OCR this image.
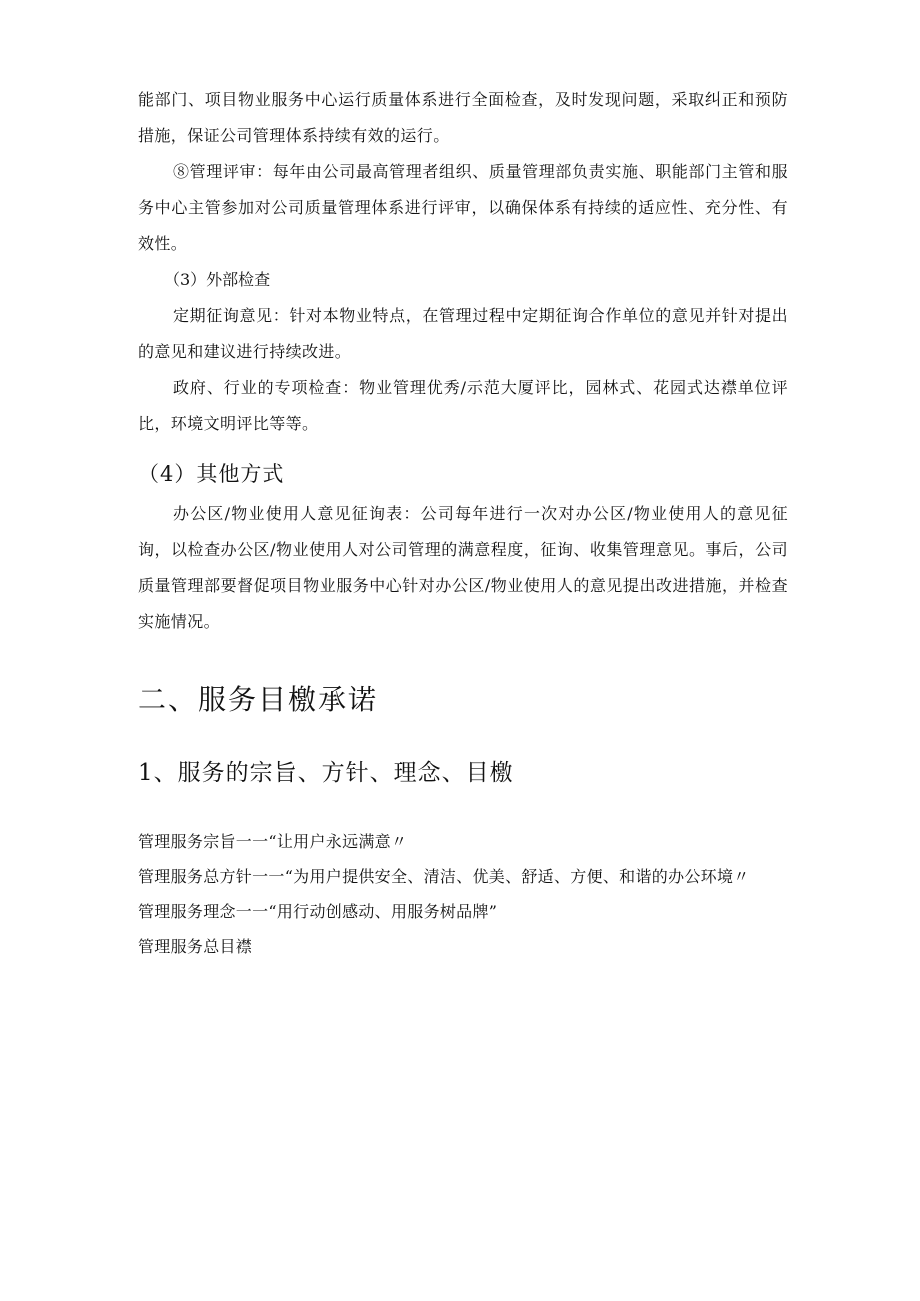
能部门、项目物业服务中心运行质量体系进行全面检查，及时发现问题，采取纠正和预防措施，保证公司管理体系持续有效的运行。

⑧管理评审：每年由公司最高管理者组织、质量管理部负责实施、职能部门主管和服务中心主管参加对公司质量管理体系进行评审，以确保体系有持续的适应性、充分性、有效性。

（3）外部检查

定期征询意见：针对本物业特点，在管理过程中定期征询合作单位的意见并针对提出的意见和建议进行持续改进。

政府、行业的专项检查：物业管理优秀/示范大厦评比，园林式、花园式达襟单位评比，环境文明评比等等。

（4）其他方式

办公区/物业使用人意见征询表：公司每年进行一次对办公区/物业使用人的意见征询，以检查办公区/物业使用人对公司管理的满意程度，征询、收集管理意见。事后，公司质量管理部要督促项目物业服务中心针对办公区/物业使用人的意见提出改进措施，并检查实施情况。

二、服务目檄承诺
1、服务的宗旨、方针、理念、目檄

管理服务宗旨一一“让用户永远满意〃

管理服务总方针一一“为用户提供安全、清洁、优美、舒适、方便、和谐的办公环境〃

管理服务理念一一“用行动创感动、用服务树品牌”

管理服务总目襟
